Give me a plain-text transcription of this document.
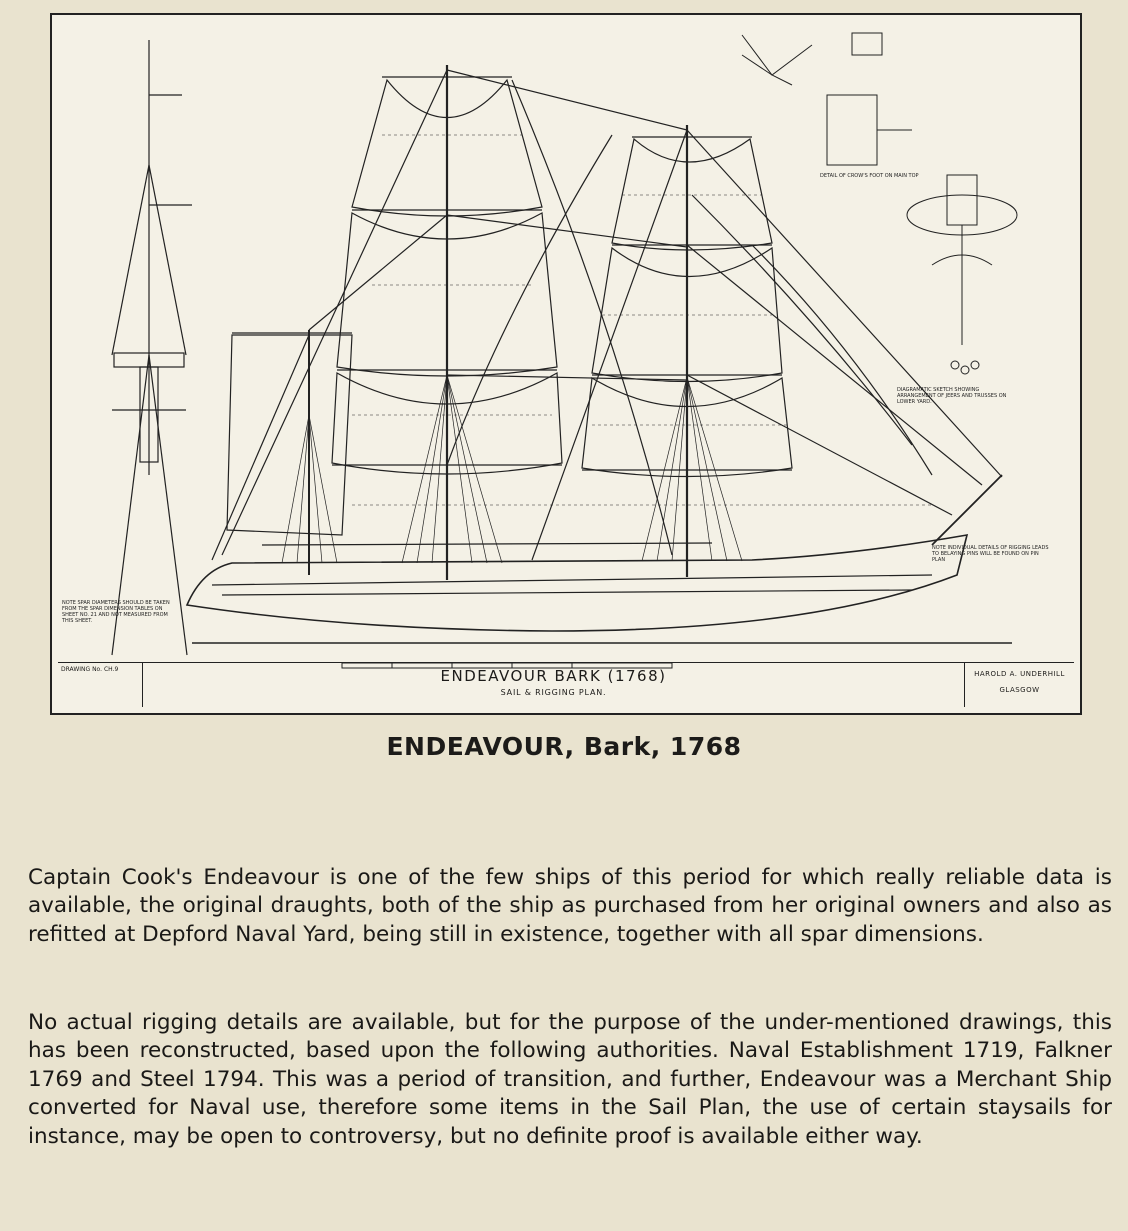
DETAIL OF CROW'S FOOT ON MAIN TOP
DIAGRAMATIC SKETCH SHOWING ARRANGEMENT OF JEERS AND TRUSSES ON LOWER YARD.
NOTE SPAR DIAMETERS SHOULD BE TAKEN FROM THE SPAR DIMENSION TABLES ON SHEET NO. 21 AND NOT MEASURED FROM THIS SHEET.
NOTE INDIVIDUAL DETAILS OF RIGGING LEADS TO BELAYING PINS WILL BE FOUND ON PIN PLAN
DRAWING No. CH.9	ENDEAVOUR BARK (1768)
SAIL & RIGGING PLAN.
HAROLD A. UNDERHILL
GLASGOW
ENDEAVOUR, Bark, 1768

Captain Cook's Endeavour is one of the few ships of this period for which really reliable data is available, the original draughts, both of the ship as purchased from her original owners and also as refitted at Depford Naval Yard, being still in existence, together with all spar dimensions.

No actual rigging details are available, but for the purpose of the under-mentioned drawings, this has been reconstructed, based upon the following authorities. Naval Establishment 1719, Falkner 1769 and Steel 1794. This was a period of transition, and further, Endeavour was a Merchant Ship converted for Naval use, therefore some items in the Sail Plan, the use of certain staysails for instance, may be open to controversy, but no definite proof is available either way.
